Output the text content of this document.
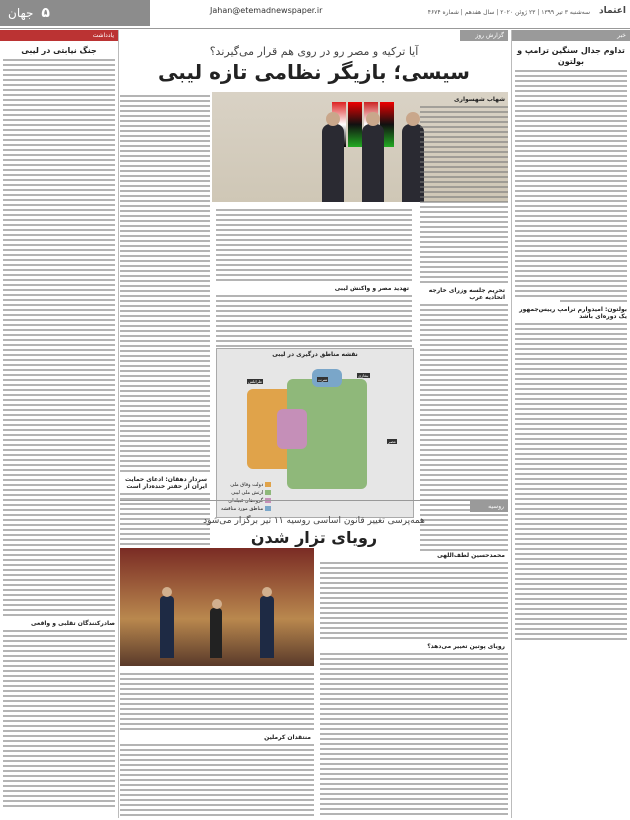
۵
جهان	Jahan@etemadnewspaper.ir	سه‌شنبه ۳ تیر ۱۳۹۹ | ۲۳ ژوئن ۲۰۲۰ | سال هفدهم | شماره ۴۶۷۴ اعتماد
خبر
تداوم جدال سنگین ترامپ و بولتون
بولتون: امیدوارم ترامپ رییس‌جمهور یک دوره‌ای باشد
یادداشت
جنگ نیابتی در لیبی
صادرکنندگان تقلبی و واقعی
گزارش روز
آیا ترکیه و مصر رو در روی هم قرار می‌گیرند؟
سیسی؛ بازیگر نظامی تازه لیبی
شهاب شهسواری
تحریم جلسه وزرای خارجه اتحادیه عرب
سردار دهقان: ادعای حمایت ایران از حفتر خنده‌دار است
تهدید مصر و واکنش لیبی
نقشه مناطق درگیری در لیبی
طرابلس	سرت
بنغازی
مصر
دولت وفاق ملی
ارتش ملی لیبی
گروه‌های قبیله‌ای
مناطق مورد مناقشه	روسیه
همه‌پرسی تغییر قانون اساسی روسیه ۱۱ تیر برگزار می‌شود
رویای تزار شدن
محمدحسین لطف‌اللهی
رویای پوتین تغییر می‌دهد؟
منتقدان کرملین
